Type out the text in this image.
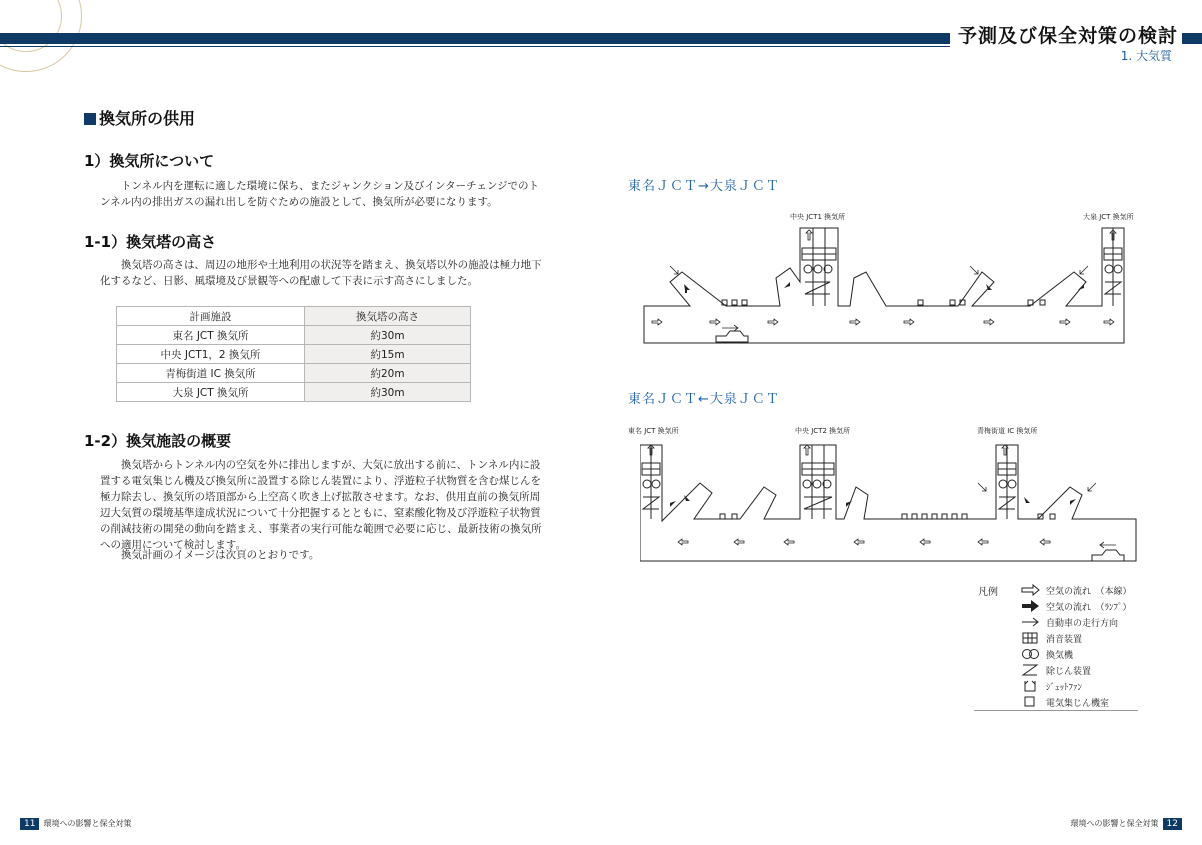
予測及び保全対策の検討
1. 大気質
換気所の供用
1）換気所について
トンネル内を運転に適した環境に保ち、またジャンクション及びインターチェンジでのトンネル内の排出ガスの漏れ出しを防ぐための施設として、換気所が必要になります。
1-1）換気塔の高さ
換気塔の高さは、周辺の地形や土地利用の状況等を踏まえ、換気塔以外の施設は極力地下化するなど、日影、風環境及び景観等への配慮して下表に示す高さにしました。
計画施設	換気塔の高さ
東名 JCT 換気所	約30m
中央 JCT1，2 換気所	約15m
青梅街道 IC 換気所	約20m
大泉 JCT 換気所	約30m
1-2）換気施設の概要
換気塔からトンネル内の空気を外に排出しますが、大気に放出する前に、トンネル内に設置する電気集じん機及び換気所に設置する除じん装置により、浮遊粒子状物質を含む煤じんを極力除去し、換気所の塔頂部から上空高く吹き上げ拡散させます。なお、供用直前の換気所周辺大気質の環境基準達成状況について十分把握するとともに、窒素酸化物及び浮遊粒子状物質の削減技術の開発の動向を踏まえ、事業者の実行可能な範囲で必要に応じ、最新技術の換気所への適用について検討します。
換気計画のイメージは次頁のとおりです。
東名ＪＣＴ→大泉ＪＣＴ
中央 JCT1 換気所	大泉 JCT 換気所
東名ＪＣＴ←大泉ＪＣＴ
東名 JCT 換気所	中央 JCT2 換気所	青梅街道 IC 換気所
凡例	空気の流れ　（本線）
空気の流れ　（ﾗﾝﾌﾟ）
自動車の走行方向
消音装置
換気機
除じん装置
ｼﾞｪｯﾄﾌｧﾝ
電気集じん機室
11 環境への影響と保全対策	環境への影響と保全対策 12
